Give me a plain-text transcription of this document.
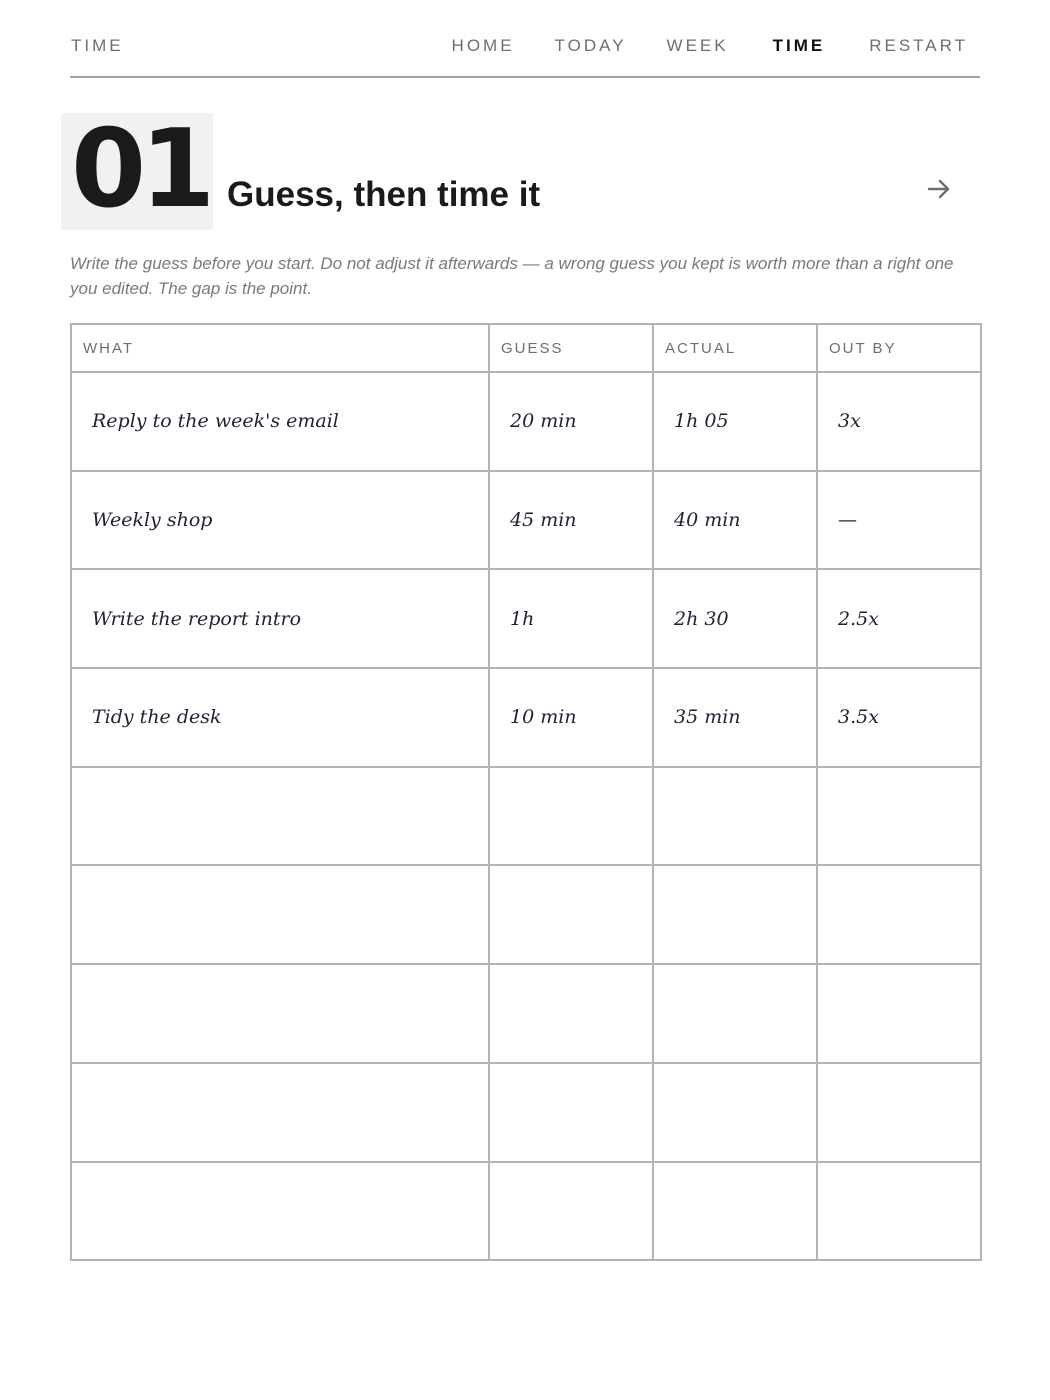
TIME	HOME TODAY WEEK	TIME	RESTART
01 Guess, then time it

Write the guess before you start. Do not adjust it afterwards — a wrong guess you kept is worth more than a right one you edited. The gap is the point.

WHAT	GUESS	ACTUAL	OUT BY
Reply to the week's email	20 min	1h 05	3x
Weekly shop	45 min	40 min	—
Write the report intro	1h	2h 30	2.5x
Tidy the desk	10 min	35 min	3.5x
